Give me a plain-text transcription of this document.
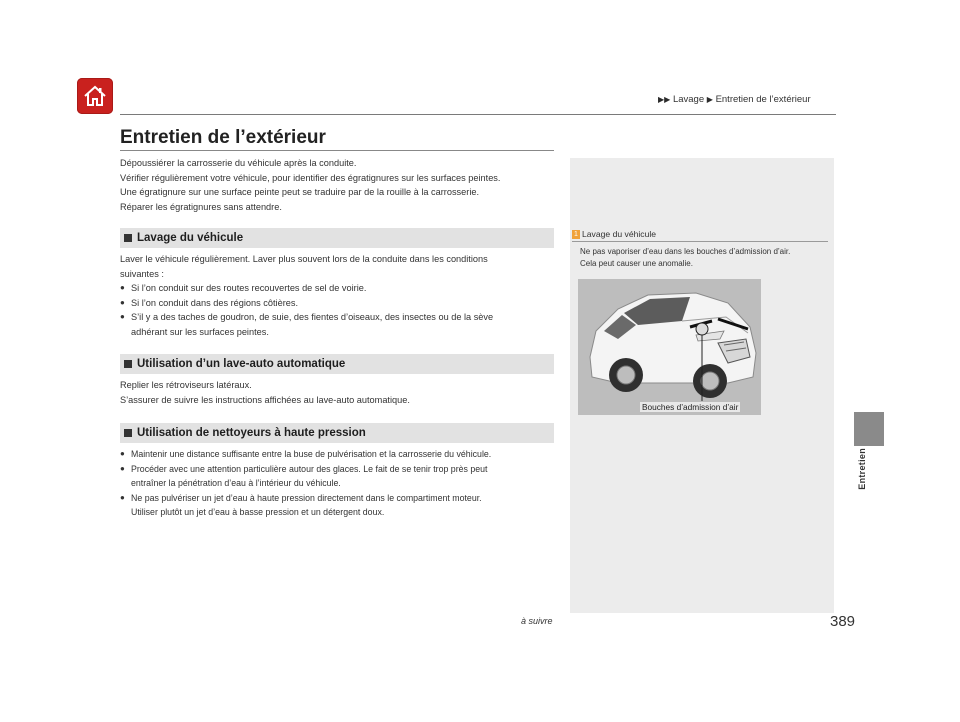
▶▶ Lavage ▶ Entretien de l’extérieur
Entretien de l’extérieur

Dépoussiérer la carrosserie du véhicule après la conduite.

Vérifier régulièrement votre véhicule, pour identifier des égratignures sur les surfaces peintes.

Une égratignure sur une surface peinte peut se traduire par de la rouille à la carrosserie.

Réparer les égratignures sans attendre.

Lavage du véhicule

Laver le véhicule régulièrement. Laver plus souvent lors de la conduite dans les conditions

suivantes :

● Si l’on conduit sur des routes recouvertes de sel de voirie.
● Si l’on conduit dans des régions côtières.
● S’il y a des taches de goudron, de suie, des fientes d’oiseaux, des insectes ou de la sève
adhérant sur les surfaces peintes.
Utilisation d’un lave-auto automatique

Replier les rétroviseurs latéraux.

S’assurer de suivre les instructions affichées au lave-auto automatique.

Utilisation de nettoyeurs à haute pression
● Maintenir une distance suffisante entre la buse de pulvérisation et la carrosserie du véhicule.
● Procéder avec une attention particulière autour des glaces. Le fait de se tenir trop près peut
entraîner la pénétration d’eau à l’intérieur du véhicule.
● Ne pas pulvériser un jet d’eau à haute pression directement dans le compartiment moteur.
Utiliser plutôt un jet d’eau à basse pression et un détergent doux.
1 Lavage du véhicule

Ne pas vaporiser d’eau dans les bouches d’admission d’air.

Cela peut causer une anomalie.

Bouches d’admission d’air
Entretien
à suivre	389
